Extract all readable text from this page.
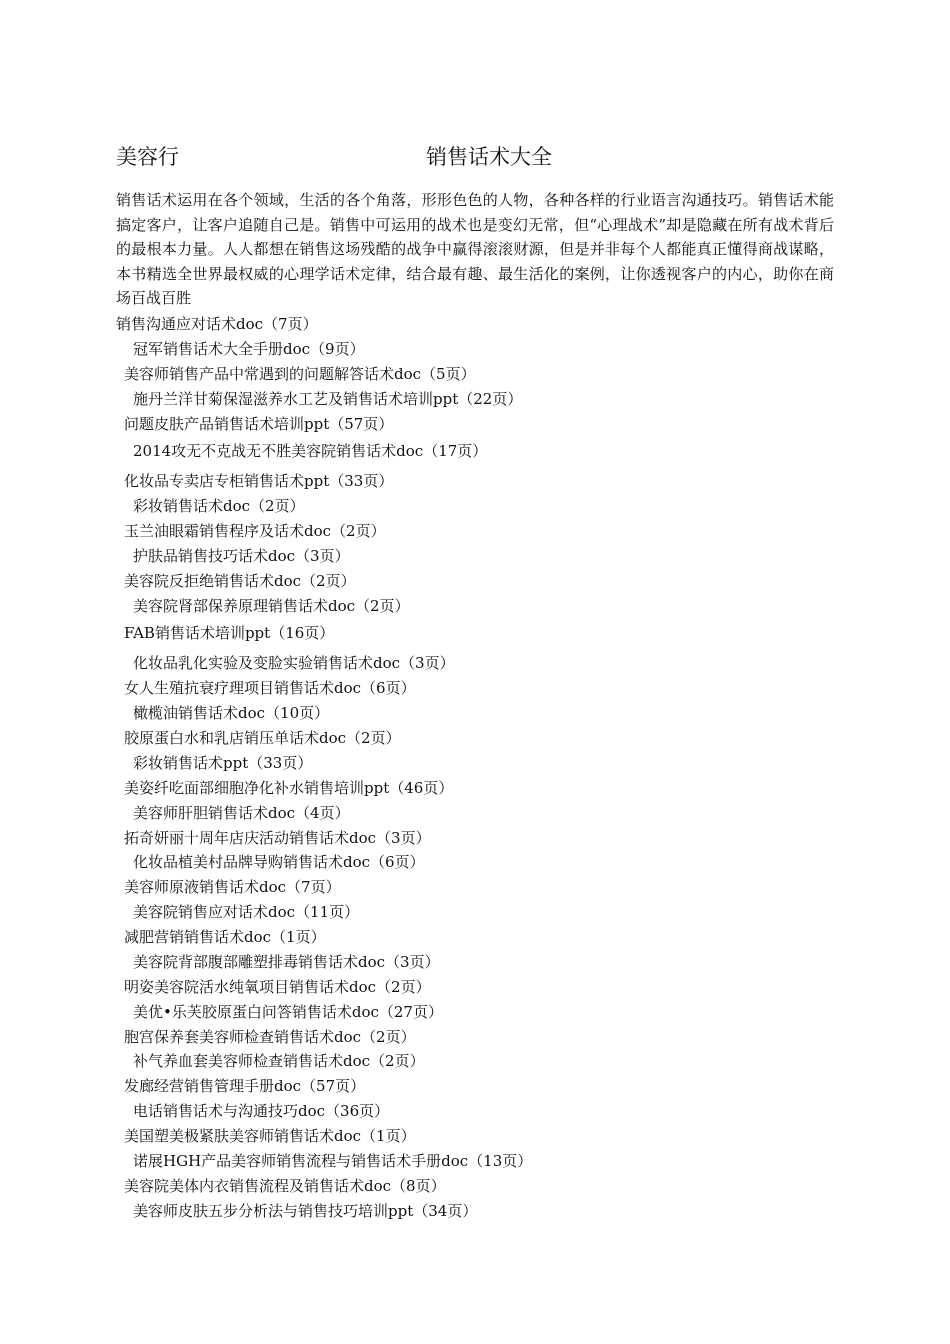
美容行	销售话术大全
销售话术运用在各个领域，生活的各个角落，形形色色的人物，各种各样的行业语言沟通技巧。销售话术能搞定客户，让客户追随自己是。销售中可运用的战术也是变幻无常，但“心理战术”却是隐藏在所有战术背后的最根本力量。人人都想在销售这场残酷的战争中赢得滚滚财源，但是并非每个人都能真正懂得商战谋略，本书精选全世界最权威的心理学话术定律，结合最有趣、最生活化的案例，让你透视客户的内心，助你在商场百战百胜
销售沟通应对话术doc（7页）
冠军销售话术大全手册doc（9页）
美容师销售产品中常遇到的问题解答话术doc（5页）
施丹兰洋甘菊保湿滋养水工艺及销售话术培训ppt（22页）
问题皮肤产品销售话术培训ppt（57页）
2014攻无不克战无不胜美容院销售话术doc（17页）
化妆品专卖店专柜销售话术ppt（33页）
彩妆销售话术doc（2页）
玉兰油眼霜销售程序及话术doc（2页）
护肤品销售技巧话术doc（3页）
美容院反拒绝销售话术doc（2页）
美容院肾部保养原理销售话术doc（2页）
FAB销售话术培训ppt（16页）
化妆品乳化实验及变脸实验销售话术doc（3页）
女人生殖抗衰疗理项目销售话术doc（6页）
橄榄油销售话术doc（10页）
胶原蛋白水和乳店销压单话术doc（2页）
彩妆销售话术ppt（33页）
美姿纤吃面部细胞净化补水销售培训ppt（46页）
美容师肝胆销售话术doc（4页）
拓奇妍丽十周年店庆活动销售话术doc（3页）
化妆品植美村品牌导购销售话术doc（6页）
美容师原液销售话术doc（7页）
美容院销售应对话术doc（11页）
减肥营销销售话术doc（1页）
美容院背部腹部雕塑排毒销售话术doc（3页）
明姿美容院活水纯氧项目销售话术doc（2页）
美优•乐芙胶原蛋白问答销售话术doc（27页）
胞宫保养套美容师检查销售话术doc（2页）
补气养血套美容师检查销售话术doc（2页）
发廊经营销售管理手册doc（57页）
电话销售话术与沟通技巧doc（36页）
美国塑美极紧肤美容师销售话术doc（1页）
诺展HGH产品美容师销售流程与销售话术手册doc（13页）
美容院美体内衣销售流程及销售话术doc（8页）
美容师皮肤五步分析法与销售技巧培训ppt（34页）
